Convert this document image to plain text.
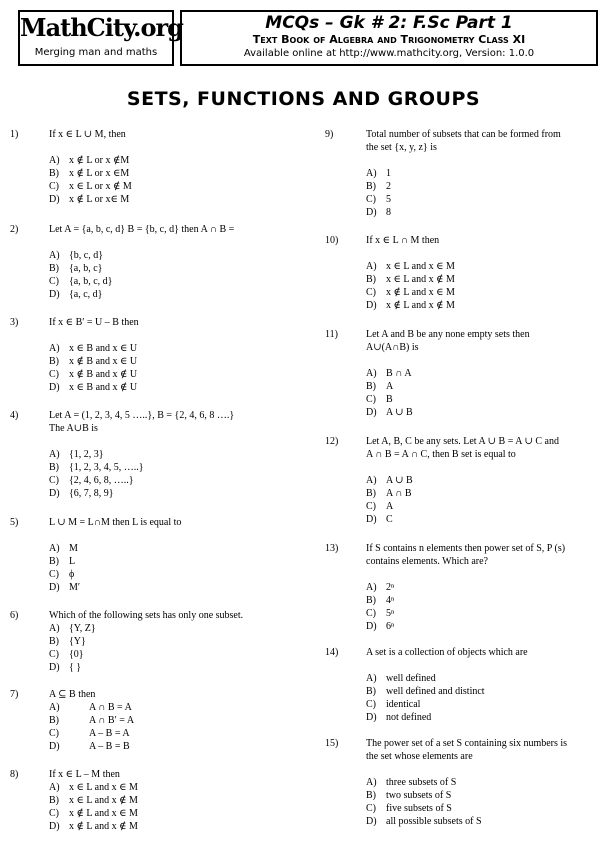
MathCity.org
Merging man and maths
MCQs – Gk # 2: F.Sc Part 1
Text Book of Algebra and Trigonometry Class XI
Available online at http://www.mathcity.org, Version: 1.0.0
SETS, FUNCTIONS AND GROUPS
1)	If x ∈ L ∪ M, then
A) x ∉ L or x ∉M
B) x ∉ L or x ∈M
C) x ∈ L or x ∉ M
D) x ∉ L or x∈ M
2)	Let A = {a, b, c, d} B = {b, c, d} then A ∩ B =
A) {b, c, d}
B) {a, b, c}
C) {a, b, c, d}
D) {a, c, d}
3)	If x ∈ B′ = U – B then
A) x ∈ B and x ∈ U
B) x ∉ B and x ∈ U
C) x ∉ B and x ∉ U
D) x ∈ B and x ∉ U
4)	Let A = (1, 2, 3, 4, 5 …..}, B = {2, 4, 6, 8 ….}
The A∪B is
A) {1, 2, 3}
B) {1, 2, 3, 4, 5, …..}
C) {2, 4, 6, 8, …..}
D) {6, 7, 8, 9}
5)	L ∪ M = L∩M then L is equal to
A) M
B) L
C) ϕ
D) M′
6)	Which of the following sets has only one subset.
A) {Y, Z}
B) {Y}
C) {0}
D) { }
7)	A ⊆ B then
A)	A ∩ B = A
B)	A ∩ B′ = A
C)	A – B = A
D)	A – B = B
8)	If x ∈ L – M then
A) x ∈ L and x ∈ M
B) x ∈ L and x ∉ M
C) x ∉ L and x ∈ M
D) x ∉ L and x ∉ M
9)	Total number of subsets that can be formed from
the set {x, y, z} is
A) 1
B) 2
C) 5
D) 8
10)	If x ∈ L ∩ M then
A) x ∈ L and x ∈ M
B) x ∈ L and x ∉ M
C) x ∉ L and x ∈ M
D) x ∉ L and x ∉ M
11)	Let A and B be any none empty sets then
A∪(A∩B) is
A) B ∩ A
B) A
C) B
D) A ∪ B
12)	Let A, B, C be any sets. Let A ∪ B = A ∪ C and
A ∩ B = A ∩ C, then B set is equal to
A) A ∪ B
B) A ∩ B
C) A
D) C
13)	If S contains n elements then power set of S, P (s)
contains elements. Which are?
A) 2ⁿ
B) 4ⁿ
C) 5ⁿ
D) 6ⁿ
14)	A set is a collection of objects which are
A) well defined
B) well defined and distinct
C) identical
D) not defined
15)	The power set of a set S containing six numbers is
the set whose elements are
A) three subsets of S
B) two subsets of S
C) five subsets of S
D) all possible subsets of S
